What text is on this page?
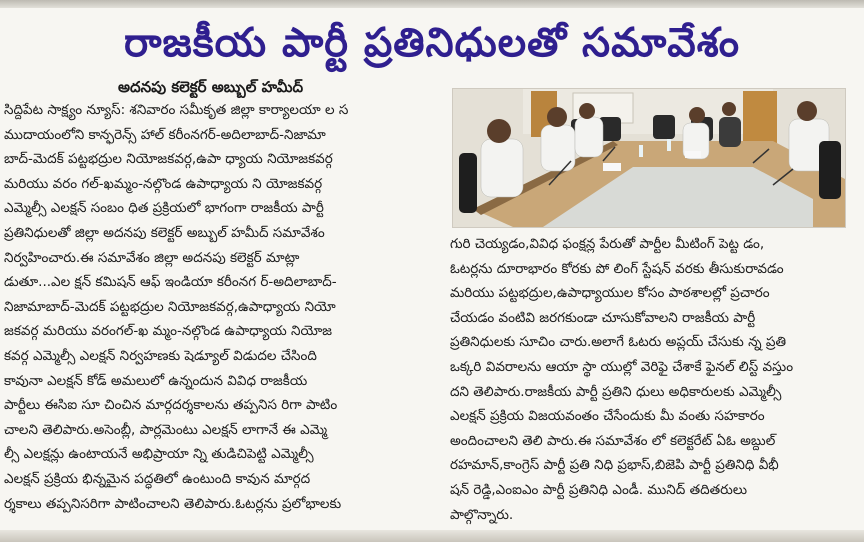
రాజకీయ పార్టీ ప్రతినిధులతో సమావేశం
అదనపు కలెక్టర్ అబ్బుల్ హమీద్
సిద్దిపేట సాక్ష్యం న్యూస్: శనివారం సమీకృత జిల్లా కార్యాలయా ల స
ముదాయంలోని కాన్ఫరెన్స్ హాల్ కరీంనగర్-అదిలాబాద్-నిజామా
బాద్-మెదక్ పట్టభద్రుల నియోజకవర్గ,ఉపా ధ్యాయ నియోజకవర్గ
మరియు వరం గల్-ఖమ్మం-నల్గొండ ఉపాధ్యాయ ని యోజకవర్గ
ఎమ్మెల్సీ ఎలక్షన్ సంబం ధిత ప్రక్రియలో భాగంగా రాజకీయ పార్టీ
ప్రతినిధులతో జిల్లా అదనపు కలెక్టర్ అబ్బుల్ హమీద్ సమావేశం
నిర్వహించారు.ఈ సమావేశం జిల్లా అదనపు కలెక్టర్ మాట్లా
డుతూ...ఎల క్షన్ కమిషన్ ఆఫ్ ఇండియా కరీంనగ ర్-అదిలాబాద్-
నిజామాబాద్-మెదక్ పట్టభద్రుల నియోజకవర్గ,ఉపాధ్యాయ నియో
జకవర్గ మరియు వరంగల్-ఖ మ్మం-నల్గొండ ఉపాధ్యాయ నియోజ
కవర్గ ఎమ్మెల్సీ ఎలక్షన్ నిర్వహణకు షెడ్యూల్ విడుదల చేసింది
కావునా ఎలక్షన్ కోడ్ అమలులో ఉన్నందున వివిధ రాజకీయ
పార్టీలు ఈసిఐ సూ చించిన మార్గదర్శకాలను తప్పనిస రిగా పాటిం
చాలని తెలిపారు.అసెంబ్లీ, పార్లమెంటు ఎలక్షన్ లాగానే ఈ ఎమ్మె
ల్సీ ఎలక్షన్లు ఉంటాయనే అభిప్రాయా న్ని తుడిచిపెట్టి ఎమ్మెల్సీ
ఎలక్షన్ ప్రక్రియ భిన్నమైన పద్ధతిలో ఉంటుంది కావున మార్గద
ర్శకాలు తప్పనిసరిగా పాటించాలని తెలిపారు.ఓటర్లను ప్రలోభాలకు
గురి చెయ్యడం,వివిధ ఫంక్షన్ల పేరుతో పార్టీల మీటింగ్ పెట్ట డం,
ఓటర్లను దూరాభారం కోరకు పో లింగ్ స్టేషన్ వరకు తీసుకురావడం
మరియు పట్టభద్రుల,ఉపాధ్యాయుల కోసం పాఠశాలల్లో ప్రచారం
చేయడం వంటివి జరగకుండా చూసుకోవాలని రాజకీయ పార్టీ
ప్రతినిధులకు సూచిం చారు.అలాగే ఓటరు అప్లయ్ చేసుకు న్న ప్రతి
ఒక్కరి వివరాలను ఆయా స్థా యుల్లో వెరిఫై చేశాకే ఫైనల్ లిస్ట్ వస్తుం
దని తెలిపారు.రాజకీయ పార్టీ ప్రతిని ధులు అధికారులకు ఎమ్మెల్సీ
ఎలక్షన్ ప్రక్రియ విజయవంతం చేసేందుకు మీ వంతు సహకారం
అందించాలని తెలి పారు.ఈ సమావేశం లో కలెక్టరేట్ ఏఓ అబ్దుల్
రహమాన్,కాంగ్రెస్ పార్టీ ప్రతి నిధి ప్రభాస్,బిజెపి పార్టీ ప్రతినిధి వీభీ
షన్ రెడ్డి,ఎంఐఎం పార్టీ ప్రతినిధి ఎండీ. మునిద్ తదితరులు
పాల్గొన్నారు.
